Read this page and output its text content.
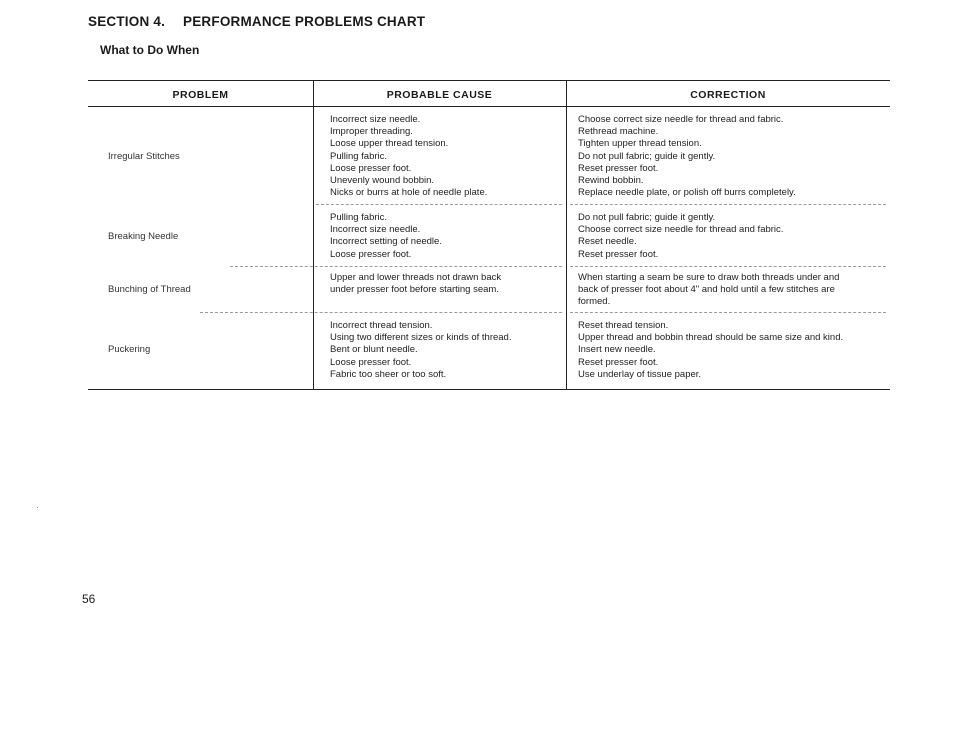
SECTION 4. PERFORMANCE PROBLEMS CHART
What to Do When
PROBLEM	PROBABLE CAUSE	CORRECTION
Irregular Stitches
Incorrect size needle.
Improper threading.
Loose upper thread tension.
Pulling fabric.
Loose presser foot.
Unevenly wound bobbin.
Nicks or burrs at hole of needle plate.
Choose correct size needle for thread and fabric.
Rethread machine.
Tighten upper thread tension.
Do not pull fabric; guide it gently.
Reset presser foot.
Rewind bobbin.
Replace needle plate, or polish off burrs completely.
Breaking Needle
Pulling fabric.
Incorrect size needle.
Incorrect setting of needle.
Loose presser foot.
Do not pull fabric; guide it gently.
Choose correct size needle for thread and fabric.
Reset needle.
Reset presser foot.
Bunching of Thread
Upper and lower threads not drawn back
under presser foot before starting seam.
When starting a seam be sure to draw both threads under and
back of presser foot about 4" and hold until a few stitches are
formed.
Puckering
Incorrect thread tension.
Using two different sizes or kinds of thread.
Bent or blunt needle.
Loose presser foot.
Fabric too sheer or too soft.
Reset thread tension.
Upper thread and bobbin thread should be same size and kind.
Insert new needle.
Reset presser foot.
Use underlay of tissue paper.
56
